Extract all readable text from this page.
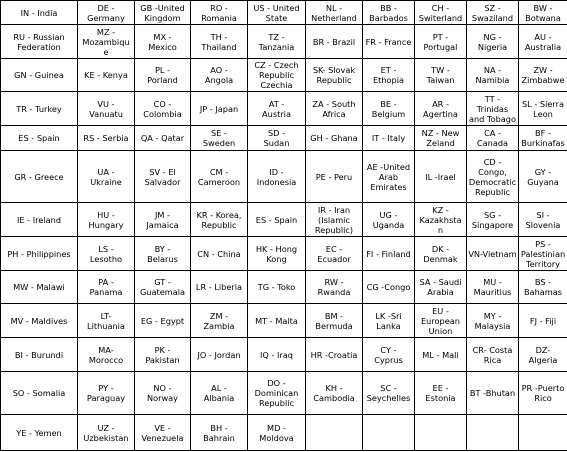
IN - India	DE -
Germany	GB -United
Kingdom	RO -
Romania	US - United
State	NL -
Netherland	BB -
Barbados	CH -
Switerland	SZ -
Swaziland	BW -
Botwana
RU - Russian
Federation	MZ -
Mozambiqu
e	MX -
Mexico	TH -
Thailand	TZ -
Tanzania	BR - Brazil	FR - France	PT -
Portugal	NG -
Nigeria	AU -
Australia
GN - Guinea	KE - Kenya	PL -
Porland	AO -
Angola	CZ - Czech
Republic
Czechia	SK- Slovak
Republic	ET -
Ethopia	TW -
Taiwan	NA -
Namibia	ZW -
Zimbabwe
TR - Turkey	VU -
Vanuatu	CO -
Colombia	JP - Japan	AT -
Austria	ZA - South
Africa	BE -
Belgium	AR -
Agertina	TT -
Trinidas
and Tobago	SL - Sierra
Leon
ES - Spain	RS - Serbia	QA - Qatar	SE -
Sweden	SD -
Sudan	GH - Ghana	IT - Italy	NZ - New
Zeland	CA -
Canada	BF -
Burkinafas
GR - Greece	UA -
Ukraine	SV - El
Salvador	CM -
Cameroon	ID -
Indonesia	PE - Peru	AE -United
Arab
Emirates	IL -Irael	CD -
Congo,
Democratic
Republic	GY -
Guyana
IE - Ireland	HU -
Hungary	JM -
Jamaica	KR - Korea,
Republic	ES - Spain	IR - Iran
(Islamic
Republic)	UG -
Uganda	KZ -
Kazakhsta
n	SG -
Singapore	SI -
Slovenia
PH - Philippines	LS -
Lesotho	BY -
Belarus	CN - China	HK - Hong
Kong	EC -
Ecuador	FI - Finland	DK -
Denmak	VN-Vietnam	PS -
Palestinian
Territory
MW - Malawi	PA -
Panama	GT -
Guatemala	LR - Liberia	TG - Toko	RW -
Rwanda	CG -Congo	SA - Saudi
Arabia	MU -
Mauritius	BS -
Bahamas
MV - Maldives	LT-
Lithuania	EG - Egypt	ZM -
Zambia	MT - Malta	BM -
Bermuda	LK -Sri
Lanka	EU -
European
Union	MY -
Malaysia	FJ - Fiji
BI - Burundi	MA-
Morocco	PK -
Pakistan	JO - Jordan	IQ - Iraq	HR -Croatia	CY -
Cyprus	ML - Mali	CR- Costa
Rica	DZ- Algeria
SO - Somalia	PY -
Paraguay	NO -
Norway	AL -
Albania	DO -
Dominican
Republic	KH -
Cambodia	SC -
Seychelles	EE -
Estonia	BT -Bhutan	PR -Puerto
Rico
YE - Yemen	UZ -
Uzbekistan	VE -
Venezuela	BH -
Bahrain	MD -
Moldova					
